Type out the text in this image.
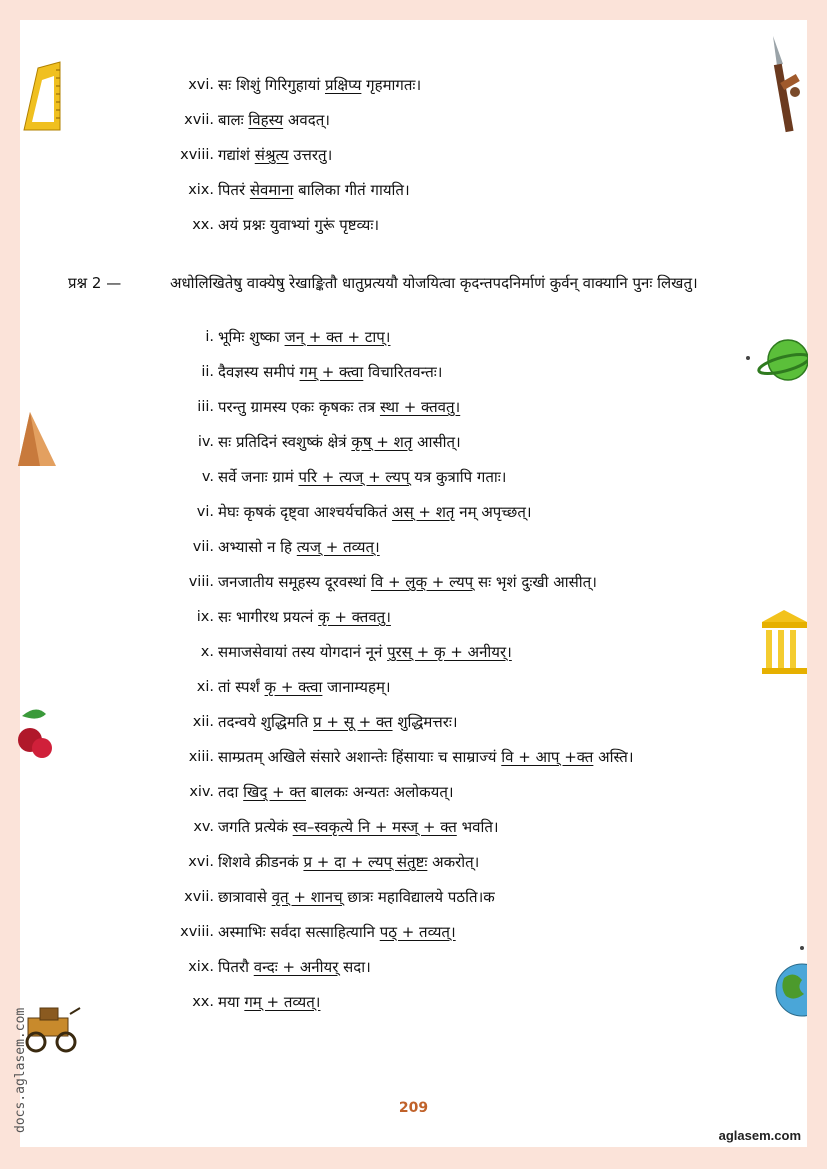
xvi. सः शिशुं गिरिगुहायां प्रक्षिप्य गृहमागतः।
xvii. बालः विहस्य अवदत्।
xviii. गद्यांशं संश्रुत्य उत्तरतु।
xix. पितरं सेवमाना बालिका गीतं गायति।
xx. अयं प्रश्नः युवाभ्यां गुरूं पृष्टव्यः।
प्रश्न 2 —	अधोलिखितेषु वाक्येषु रेखाङ्कितौ धातुप्रत्ययौ योजयित्वा कृदन्तपदनिर्माणं कुर्वन् वाक्यानि पुनः लिखतु।
i. भूमिः शुष्का जन् + क्त + टाप्।
ii. दैवज्ञस्य समीपं गम् + क्त्वा विचारितवन्तः।
iii. परन्तु ग्रामस्य एकः कृषकः तत्र स्था + क्तवतु।
iv. सः प्रतिदिनं स्वशुष्कं क्षेत्रं कृष् + शतृ आसीत्।
v. सर्वे जनाः ग्रामं परि + त्यज् + ल्यप् यत्र कुत्रापि गताः।
vi. मेघः कृषकं दृष्ट्वा आश्चर्यचकितं अस् + शतृ नम् अपृच्छत्।
vii. अभ्यासो न हि त्यज् + तव्यत्।
viii. जनजातीय समूहस्य दूरवस्थां वि + लुक् + ल्यप् सः भृशं दुःखी आसीत्।
ix. सः भागीरथ प्रयत्नं कृ + क्तवतु।
x. समाजसेवायां तस्य योगदानं नूनं पुरस् + कृ + अनीयर्।
xi. तां स्पर्शं कृ + क्त्वा जानाम्यहम्।
xii. तदन्वये शुद्धिमति प्र + सू + क्त शुद्धिमत्तरः।
xiii. साम्प्रतम् अखिले संसारे अशान्तेः हिंसायाः च साम्राज्यं वि + आप् +क्त अस्ति।
xiv. तदा खिद् + क्त बालकः अन्यतः अलोकयत्।
xv. जगति प्रत्येकं स्व–स्वकृत्ये नि + मस्ज् + क्त भवति।
xvi. शिशवे क्रीडनकं प्र + दा + ल्यप् संतुष्टः अकरोत्।
xvii. छात्रावासे वृत् + शानच् छात्रः महाविद्यालये पठति।क
xviii. अस्माभिः सर्वदा सत्साहित्यानि पठ् + तव्यत्।
xix. पितरौ वन्दः + अनीयर् सदा।
xx. मया गम् + तव्यत्।
209
aglasem.com
docs.aglasem.com
